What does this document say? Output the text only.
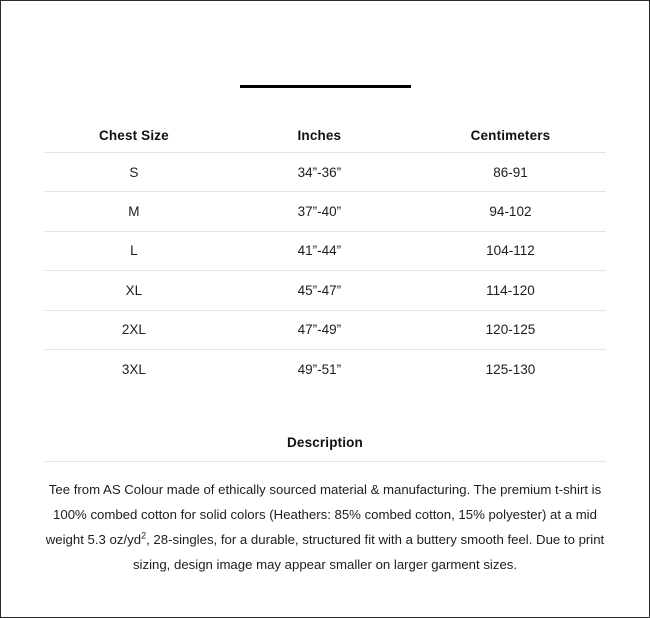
Chest Size	Inches	Centimeters
S	34”-36”	86-91
M	37”-40”	94-102
L	41”-44”	104-112
XL	45”-47”	114-120
2XL	47”-49”	120-125
3XL	49”-51”	125-130
Description

Tee from AS Colour made of ethically sourced material & manufacturing. The premium t-shirt is 100% combed cotton for solid colors (Heathers: 85% combed cotton, 15% polyester) at a mid weight 5.3 $oz/yd^2$, 28-singles, for a durable, structured fit with a buttery smooth feel. Due to print sizing, design image may appear smaller on larger garment sizes.
